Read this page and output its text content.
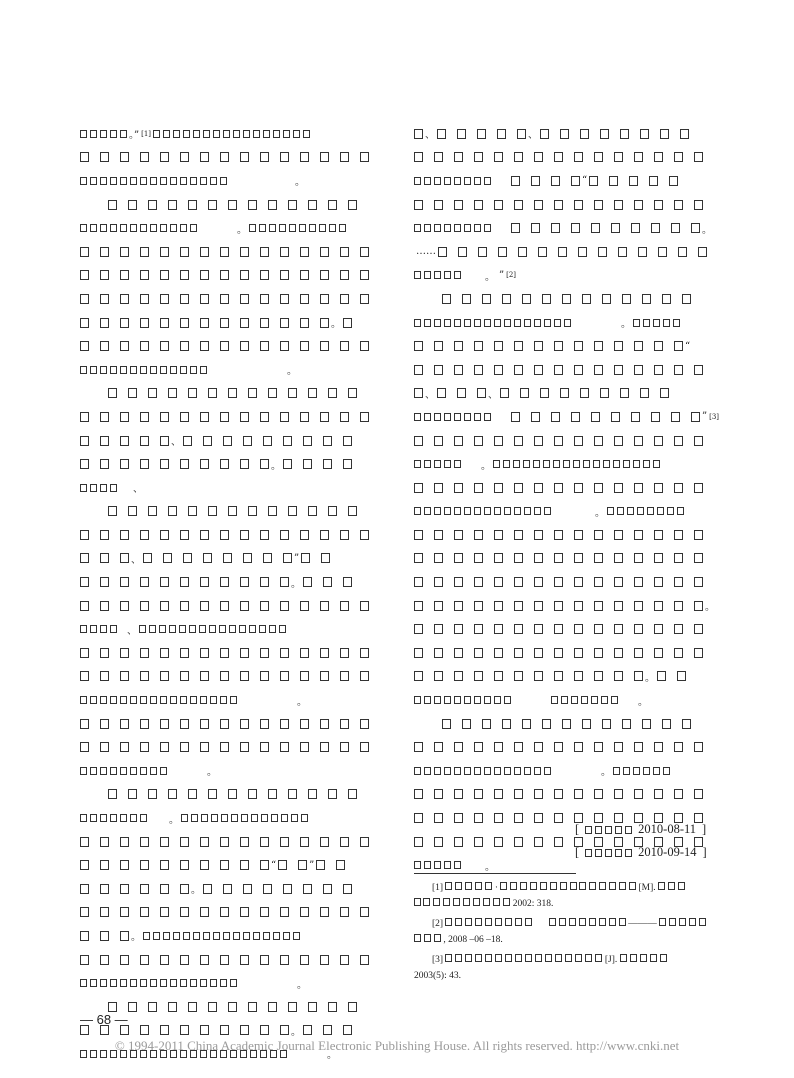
。” [1]
。
。
。
。
、
。
、
、	”
。
、
。
。
。
“	”
。
。
。
。
。
、	、
“
。
……
。 ” [2]
。
“
、	、
” [3]
。
。
。
。
。
。
。
[	2010-08-11 ]
[	2010-09-14 ]
[1]	·

	[M].

2002: 318.
[2]
	———

, 2008 –06 –18.
[3]	[J].

2003(5): 43.
— 68 —
© 1994-2011 China Academic Journal Electronic Publishing House. All rights reserved. http://www.cnki.net
